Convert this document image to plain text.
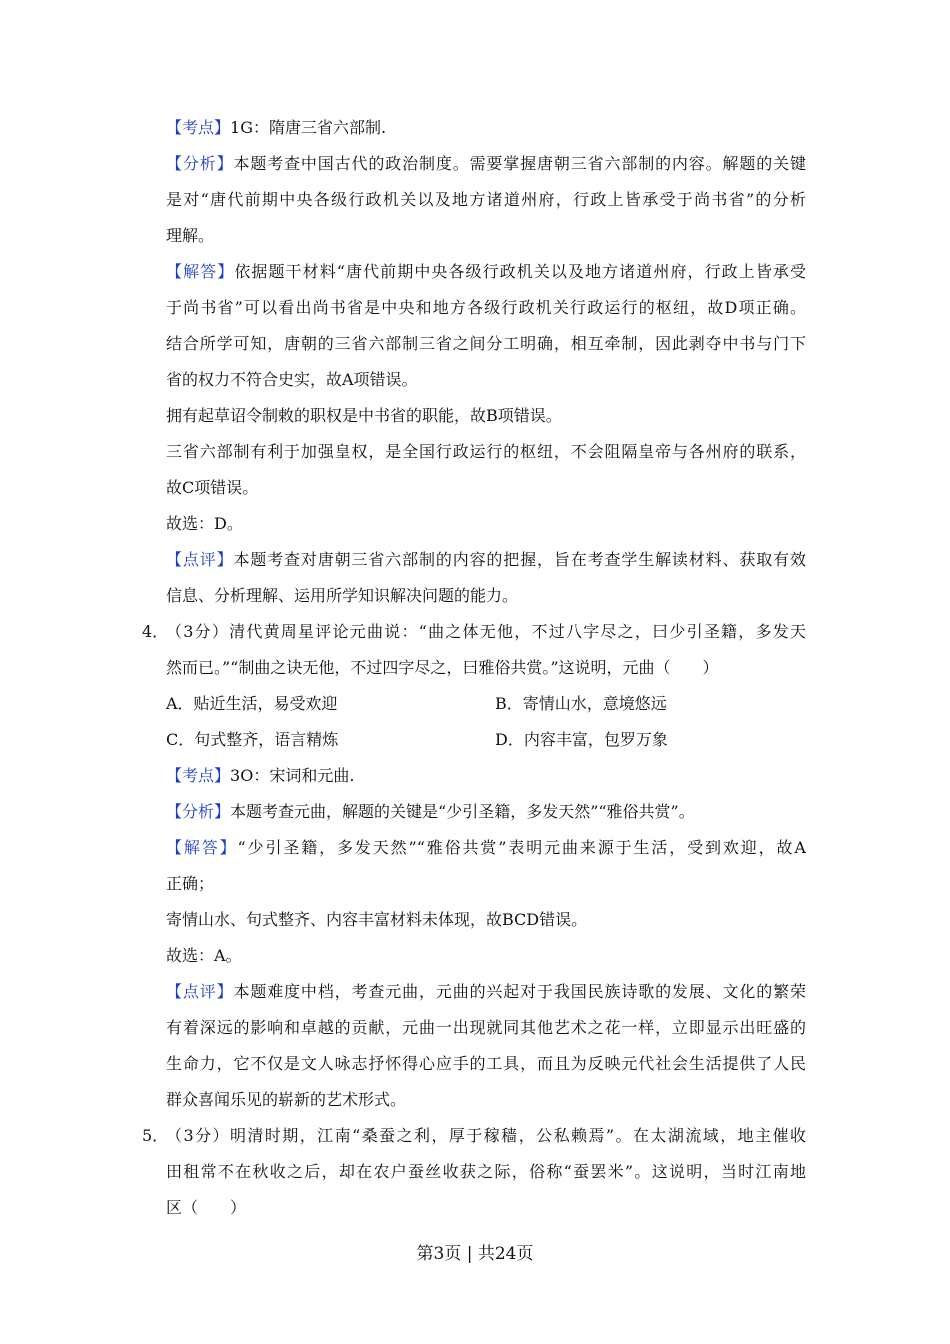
【考点】1G：隋唐三省六部制.
【分析】本题考查中国古代的政治制度。需要掌握唐朝三省六部制的内容。解题的关键
是对“唐代前期中央各级行政机关以及地方诸道州府，行政上皆承受于尚书省”的分析
理解。
【解答】依据题干材料“唐代前期中央各级行政机关以及地方诸道州府，行政上皆承受
于尚书省”可以看出尚书省是中央和地方各级行政机关行政运行的枢纽，故D项正确。
结合所学可知，唐朝的三省六部制三省之间分工明确，相互牵制，因此剥夺中书与门下
省的权力不符合史实，故A项错误。
拥有起草诏令制敕的职权是中书省的职能，故B项错误。
三省六部制有利于加强皇权，是全国行政运行的枢纽，不会阻隔皇帝与各州府的联系，
故C项错误。
故选：D。
【点评】本题考查对唐朝三省六部制的内容的把握，旨在考查学生解读材料、获取有效
信息、分析理解、运用所学知识解决问题的能力。
4．
（3分）清代黄周星评论元曲说：“曲之体无他，不过八字尽之，曰少引圣籍，多发天
然而已。”“制曲之诀无他，不过四字尽之，曰雅俗共赏。”这说明，元曲（　　）
A．贴近生活，易受欢迎	B．寄情山水，意境悠远
C．句式整齐，语言精炼	D．内容丰富，包罗万象
【考点】3O：宋词和元曲.
【分析】本题考查元曲，解题的关键是“少引圣籍，多发天然”“雅俗共赏”。
【解答】“少引圣籍，多发天然”“雅俗共赏”表明元曲来源于生活，受到欢迎，故A
正确；
寄情山水、句式整齐、内容丰富材料未体现，故BCD错误。
故选：A。
【点评】本题难度中档，考查元曲，元曲的兴起对于我国民族诗歌的发展、文化的繁荣
有着深远的影响和卓越的贡献，元曲一出现就同其他艺术之花一样，立即显示出旺盛的
生命力，它不仅是文人咏志抒怀得心应手的工具，而且为反映元代社会生活提供了人民
群众喜闻乐见的崭新的艺术形式。
5．
（3分）明清时期，江南“桑蚕之利，厚于稼穑，公私赖焉”。在太湖流域，地主催收
田租常不在秋收之后，却在农户蚕丝收获之际，俗称“蚕罢米”。这说明，当时江南地
区（　　）
第3页 | 共24页
